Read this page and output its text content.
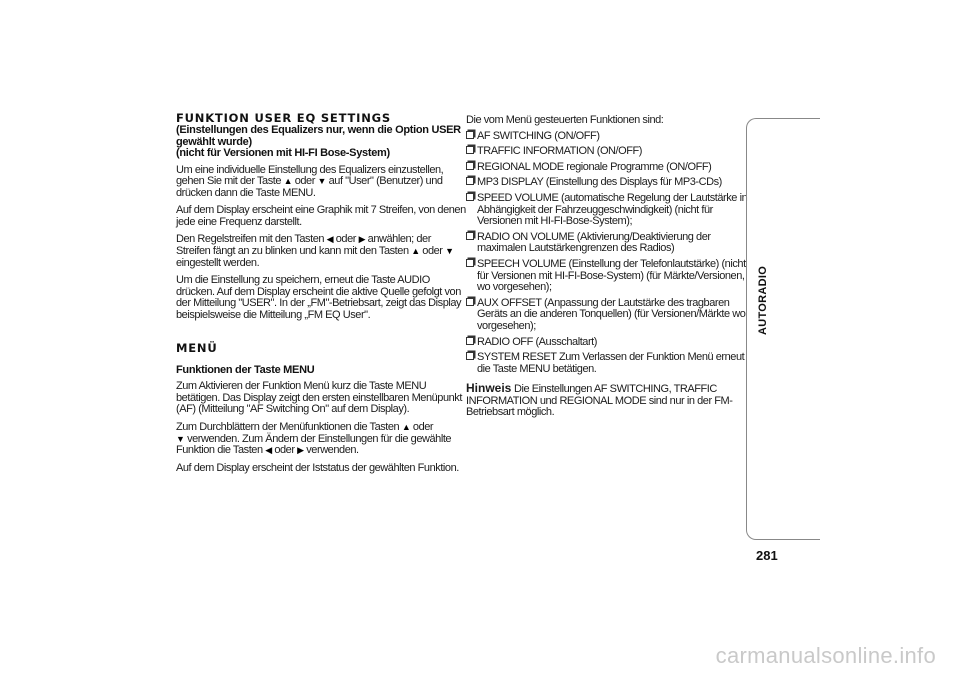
FUNKTION USER EQ SETTINGS
(Einstellungen des Equalizers nur, wenn die Option USER gewählt wurde)
(nicht für Versionen mit HI-FI Bose-System)

Um eine individuelle Einstellung des Equalizers einzustellen, gehen Sie mit der Taste ▲ oder ▼ auf "User" (Benutzer) und drücken dann die Taste MENU.

Auf dem Display erscheint eine Graphik mit 7 Streifen, von denen jede eine Frequenz darstellt.

Den Regelstreifen mit den Tasten ◀ oder ▶ anwählen; der Streifen fängt an zu blinken und kann mit den Tasten ▲ oder ▼ eingestellt werden.

Um die Einstellung zu speichern, erneut die Taste AUDIO drücken. Auf dem Display erscheint die aktive Quelle gefolgt von der Mitteilung "USER". In der „FM"-Betriebsart, zeigt das Display beispielsweise die Mitteilung „FM EQ User".

MENÜ
Funktionen der Taste MENU

Zum Aktivieren der Funktion Menü kurz die Taste MENU betätigen. Das Display zeigt den ersten einstellbaren Menüpunkt (AF) (Mitteilung "AF Switching On" auf dem Display).

Zum Durchblättern der Menüfunktionen die Tasten ▲ oder
▼ verwenden. Zum Ändern der Einstellungen für die gewählte Funktion die Tasten ◀ oder ▶ verwenden.

Auf dem Display erscheint der Iststatus der gewählten Funktion.

Die vom Menü gesteuerten Funktionen sind:

AF SWITCHING (ON/OFF)
TRAFFIC INFORMATION (ON/OFF)
REGIONAL MODE regionale Programme (ON/OFF)
MP3 DISPLAY (Einstellung des Displays für MP3-CDs)
SPEED VOLUME (automatische Regelung der Lautstärke in Abhängigkeit der Fahrzeuggeschwindigkeit) (nicht für Versionen mit HI-FI-Bose-System);
RADIO ON VOLUME (Aktivierung/Deaktivierung der maximalen Lautstärkengrenzen des Radios)
SPEECH VOLUME (Einstellung der Telefonlautstärke) (nicht für Versionen mit HI-FI-Bose-System) (für Märkte/Versionen, wo vorgesehen);
AUX OFFSET (Anpassung der Lautstärke des tragbaren Geräts an die anderen Tonquellen) (für Versionen/Märkte wo vorgesehen);
RADIO OFF (Ausschaltart)
SYSTEM RESET Zum Verlassen der Funktion Menü erneut die Taste MENU betätigen.

Hinweis Die Einstellungen AF SWITCHING, TRAFFIC INFORMATION und REGIONAL MODE sind nur in der FM-Betriebsart möglich.

AUTORADIO
281
carmanualsonline.info
